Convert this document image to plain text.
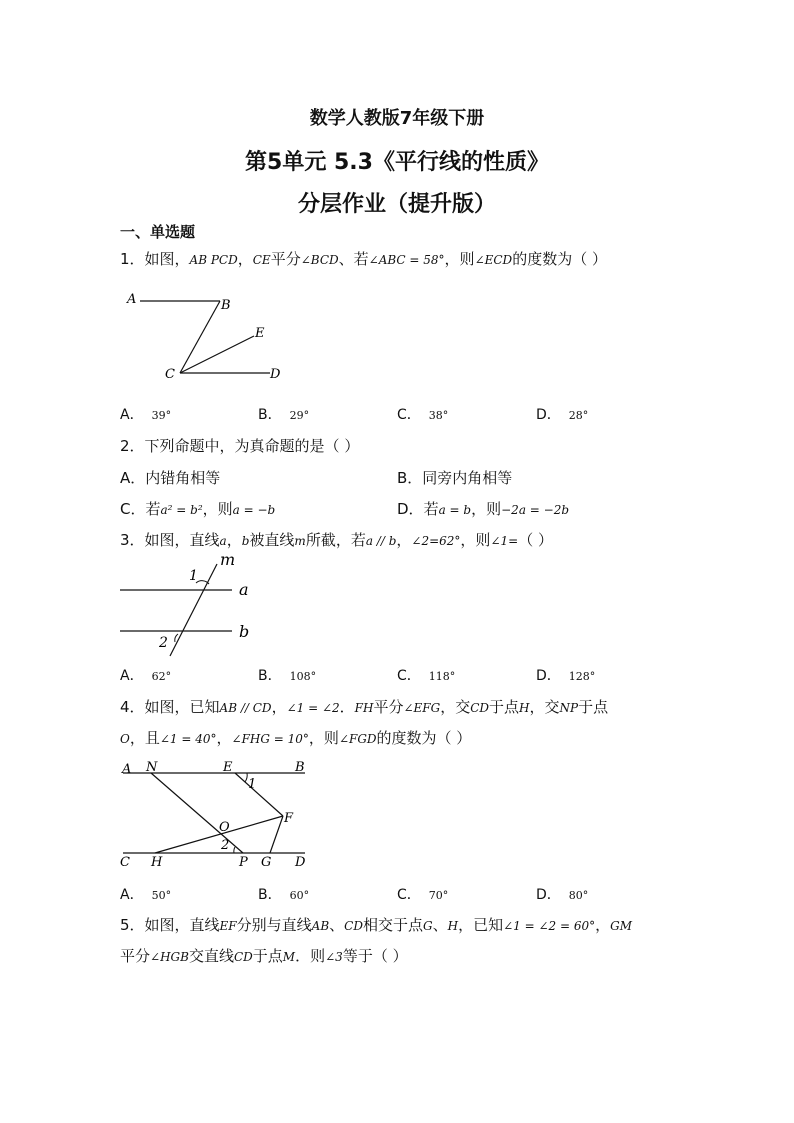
数学人教版7年级下册
第5单元 5.3《平行线的性质》
分层作业（提升版）
一、单选题
1．如图，AB PCD，CE平分∠BCD、若∠ABC = 58°，则∠ECD的度数为（ ）
A	B
E
C	D
A． 39°	B． 29°	C． 38°	D． 28°
2．下列命题中，为真命题的是（ ）
A．内错角相等	B．同旁内角相等
C．若a² = b²，则a = −b	D．若a = b，则−2a = −2b
3．如图，直线a，b被直线m所截，若a // b，∠2=62°，则∠1=（ ）
m
a
b
1
2
A． 62°	B． 108°	C． 118°	D． 128°
4．如图，已知AB // CD，∠1 = ∠2．FH平分∠EFG，交CD于点H，交NP于点
O，且∠1 = 40°，∠FHG = 10°，则∠FGD的度数为（ ）
A N	E	B
1
F
O
2
C H	P G D
A． 50°	B． 60°	C． 70°	D． 80°
5．如图，直线EF分别与直线AB、CD相交于点G、H，已知∠1 = ∠2 = 60°，GM
平分∠HGB交直线CD于点M．则∠3等于（ ）
